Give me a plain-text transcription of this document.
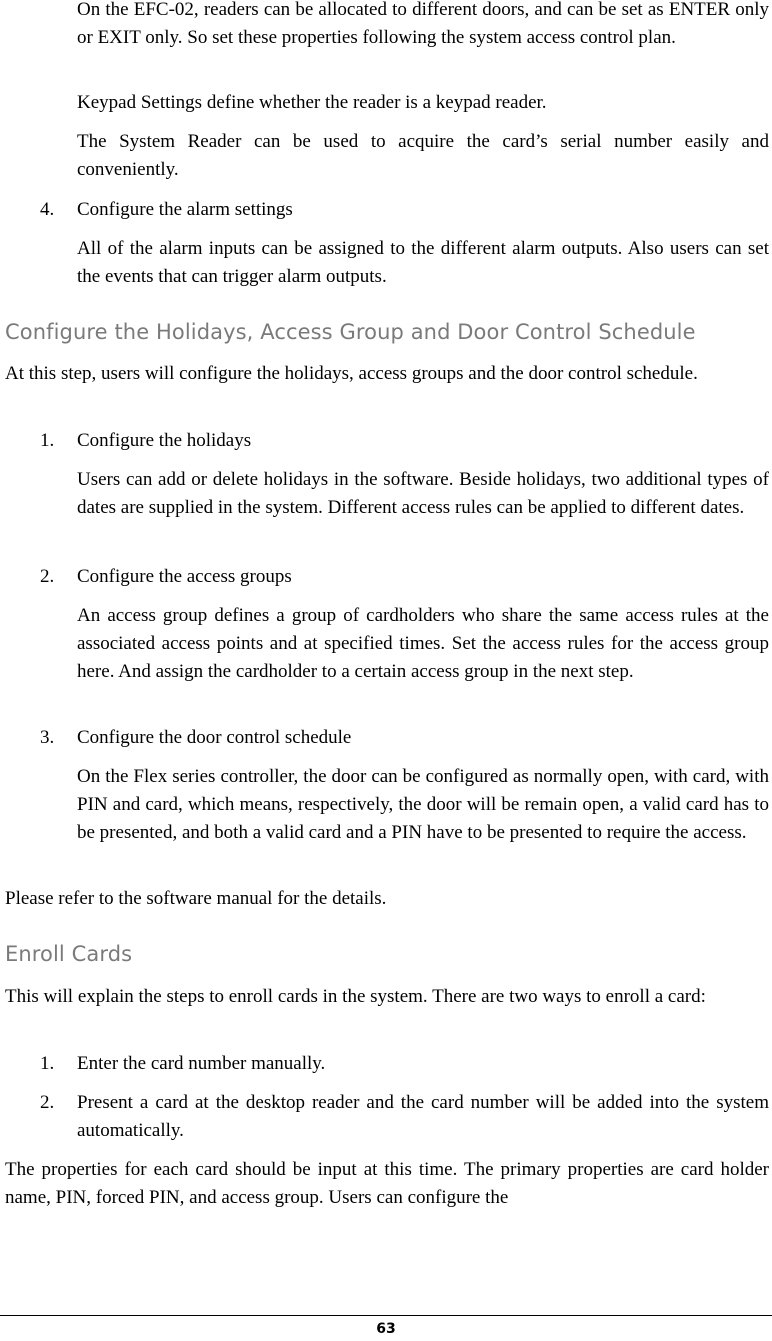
On the EFC-02, readers can be allocated to different doors, and can be set as ENTER only or EXIT only. So set these properties following the system access control plan.

Keypad Settings define whether the reader is a keypad reader.

The System Reader can be used to acquire the card’s serial number easily and conveniently.

4. Configure the alarm settings

All of the alarm inputs can be assigned to the different alarm outputs. Also users can set the events that can trigger alarm outputs.

Configure the Holidays, Access Group and Door Control Schedule

At this step, users will configure the holidays, access groups and the door control schedule.

1. Configure the holidays

Users can add or delete holidays in the software. Beside holidays, two additional types of dates are supplied in the system. Different access rules can be applied to different dates.

2. Configure the access groups

An access group defines a group of cardholders who share the same access rules at the associated access points and at specified times. Set the access rules for the access group here. And assign the cardholder to a certain access group in the next step.

3. Configure the door control schedule

On the Flex series controller, the door can be configured as normally open, with card, with PIN and card, which means, respectively, the door will be remain open, a valid card has to be presented, and both a valid card and a PIN have to be presented to require the access.

Please refer to the software manual for the details.

Enroll Cards

This will explain the steps to enroll cards in the system. There are two ways to enroll a card:

1. Enter the card number manually.

2. Present a card at the desktop reader and the card number will be added into the system automatically.

The properties for each card should be input at this time. The primary properties are card holder name, PIN, forced PIN, and access group. Users can configure the

63
